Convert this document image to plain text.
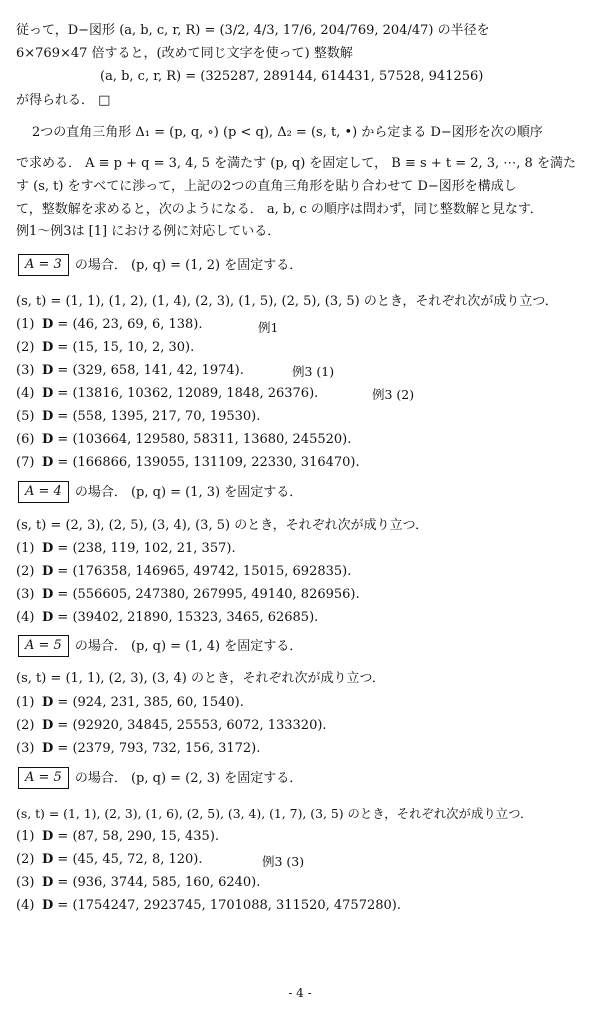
従って，D−図形 (a, b, c, r, R) = (3/2, 4/3, 17/6, 204/769, 204/47) の半径を
6×769×47 倍すると，(改めて同じ文字を使って) 整数解
(a, b, c, r, R) = (325287, 289144, 614431, 57528, 941256)
が得られる． □
2つの直角三角形 Δ₁ = (p, q, ∘) (p < q), Δ₂ = (s, t, •) から定まる D−図形を次の順序
で求める． A ≡ p + q = 3, 4, 5 を満たす (p, q) を固定して， B ≡ s + t = 2, 3, ⋯, 8 を満た
す (s, t) をすべてに渉って，上記の2つの直角三角形を貼り合わせて D−図形を構成し
て，整数解を求めると，次のようになる． a, b, c の順序は問わず，同じ整数解と見なす．
例1〜例3は [1] における例に対応している．
A = 3	の場合． (p, q) = (1, 2) を固定する．
(s, t) = (1, 1), (1, 2), (1, 4), (2, 3), (1, 5), (2, 5), (3, 5) のとき，それぞれ次が成り立つ．
(1) D = (46, 23, 69, 6, 138).
(2) D = (15, 15, 10, 2, 30).
(3) D = (329, 658, 141, 42, 1974).
(4) D = (13816, 10362, 12089, 1848, 26376).
(5) D = (558, 1395, 217, 70, 19530).
(6) D = (103664, 129580, 58311, 13680, 245520).
(7) D = (166866, 139055, 131109, 22330, 316470).
例1
例3 (1)
例3 (2)
A = 4	の場合． (p, q) = (1, 3) を固定する．
(s, t) = (2, 3), (2, 5), (3, 4), (3, 5) のとき，それぞれ次が成り立つ．
(1) D = (238, 119, 102, 21, 357).
(2) D = (176358, 146965, 49742, 15015, 692835).
(3) D = (556605, 247380, 267995, 49140, 826956).
(4) D = (39402, 21890, 15323, 3465, 62685).
A = 5	の場合． (p, q) = (1, 4) を固定する．
(s, t) = (1, 1), (2, 3), (3, 4) のとき，それぞれ次が成り立つ．
(1) D = (924, 231, 385, 60, 1540).
(2) D = (92920, 34845, 25553, 6072, 133320).
(3) D = (2379, 793, 732, 156, 3172).
A = 5	の場合． (p, q) = (2, 3) を固定する．
(s, t) = (1, 1), (2, 3), (1, 6), (2, 5), (3, 4), (1, 7), (3, 5) のとき，それぞれ次が成り立つ．
(1) D = (87, 58, 290, 15, 435).
(2) D = (45, 45, 72, 8, 120).
(3) D = (936, 3744, 585, 160, 6240).
(4) D = (1754247, 2923745, 1701088, 311520, 4757280).
例3 (3)
- 4 -
